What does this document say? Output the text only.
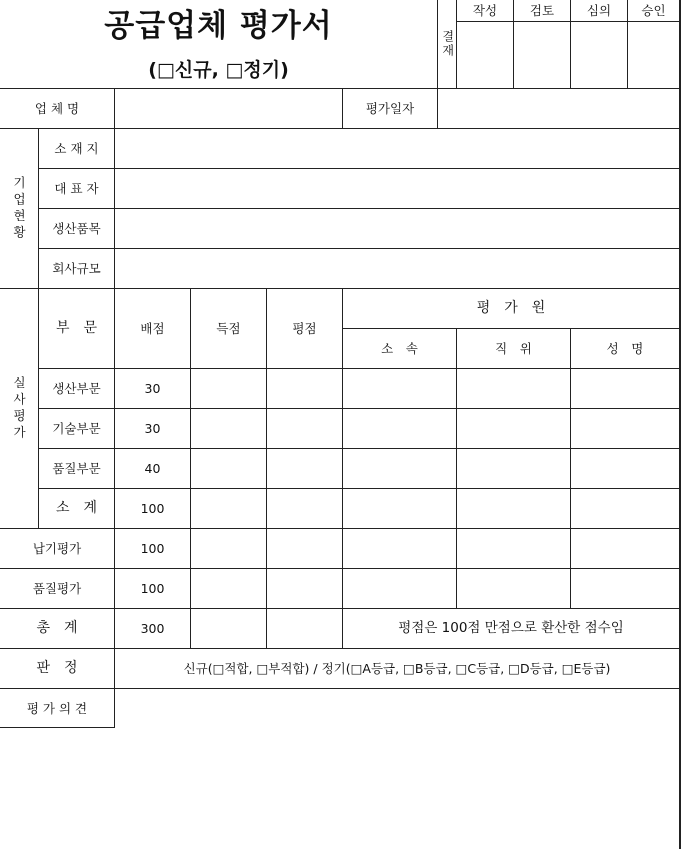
공급업체 평가서
(□신규, □정기)
결재
작성	검토	심의	승인
업 체 명	평가일자
기업현황
소 재 지
대 표 자
생산품목
회사규모
실사평가
부　문	배점	득점	평점
평　가　원
소　속	직　위	성　명
생산부문	30
기술부문	30
품질부문	40
소　계	100
납기평가	100
품질평가	100
총　계	300	평점은 100점 만점으로 환산한 점수임
판　정	신규(□적합, □부적합) / 정기(□A등급, □B등급, □C등급, □D등급, □E등급)
평 가 의 견
